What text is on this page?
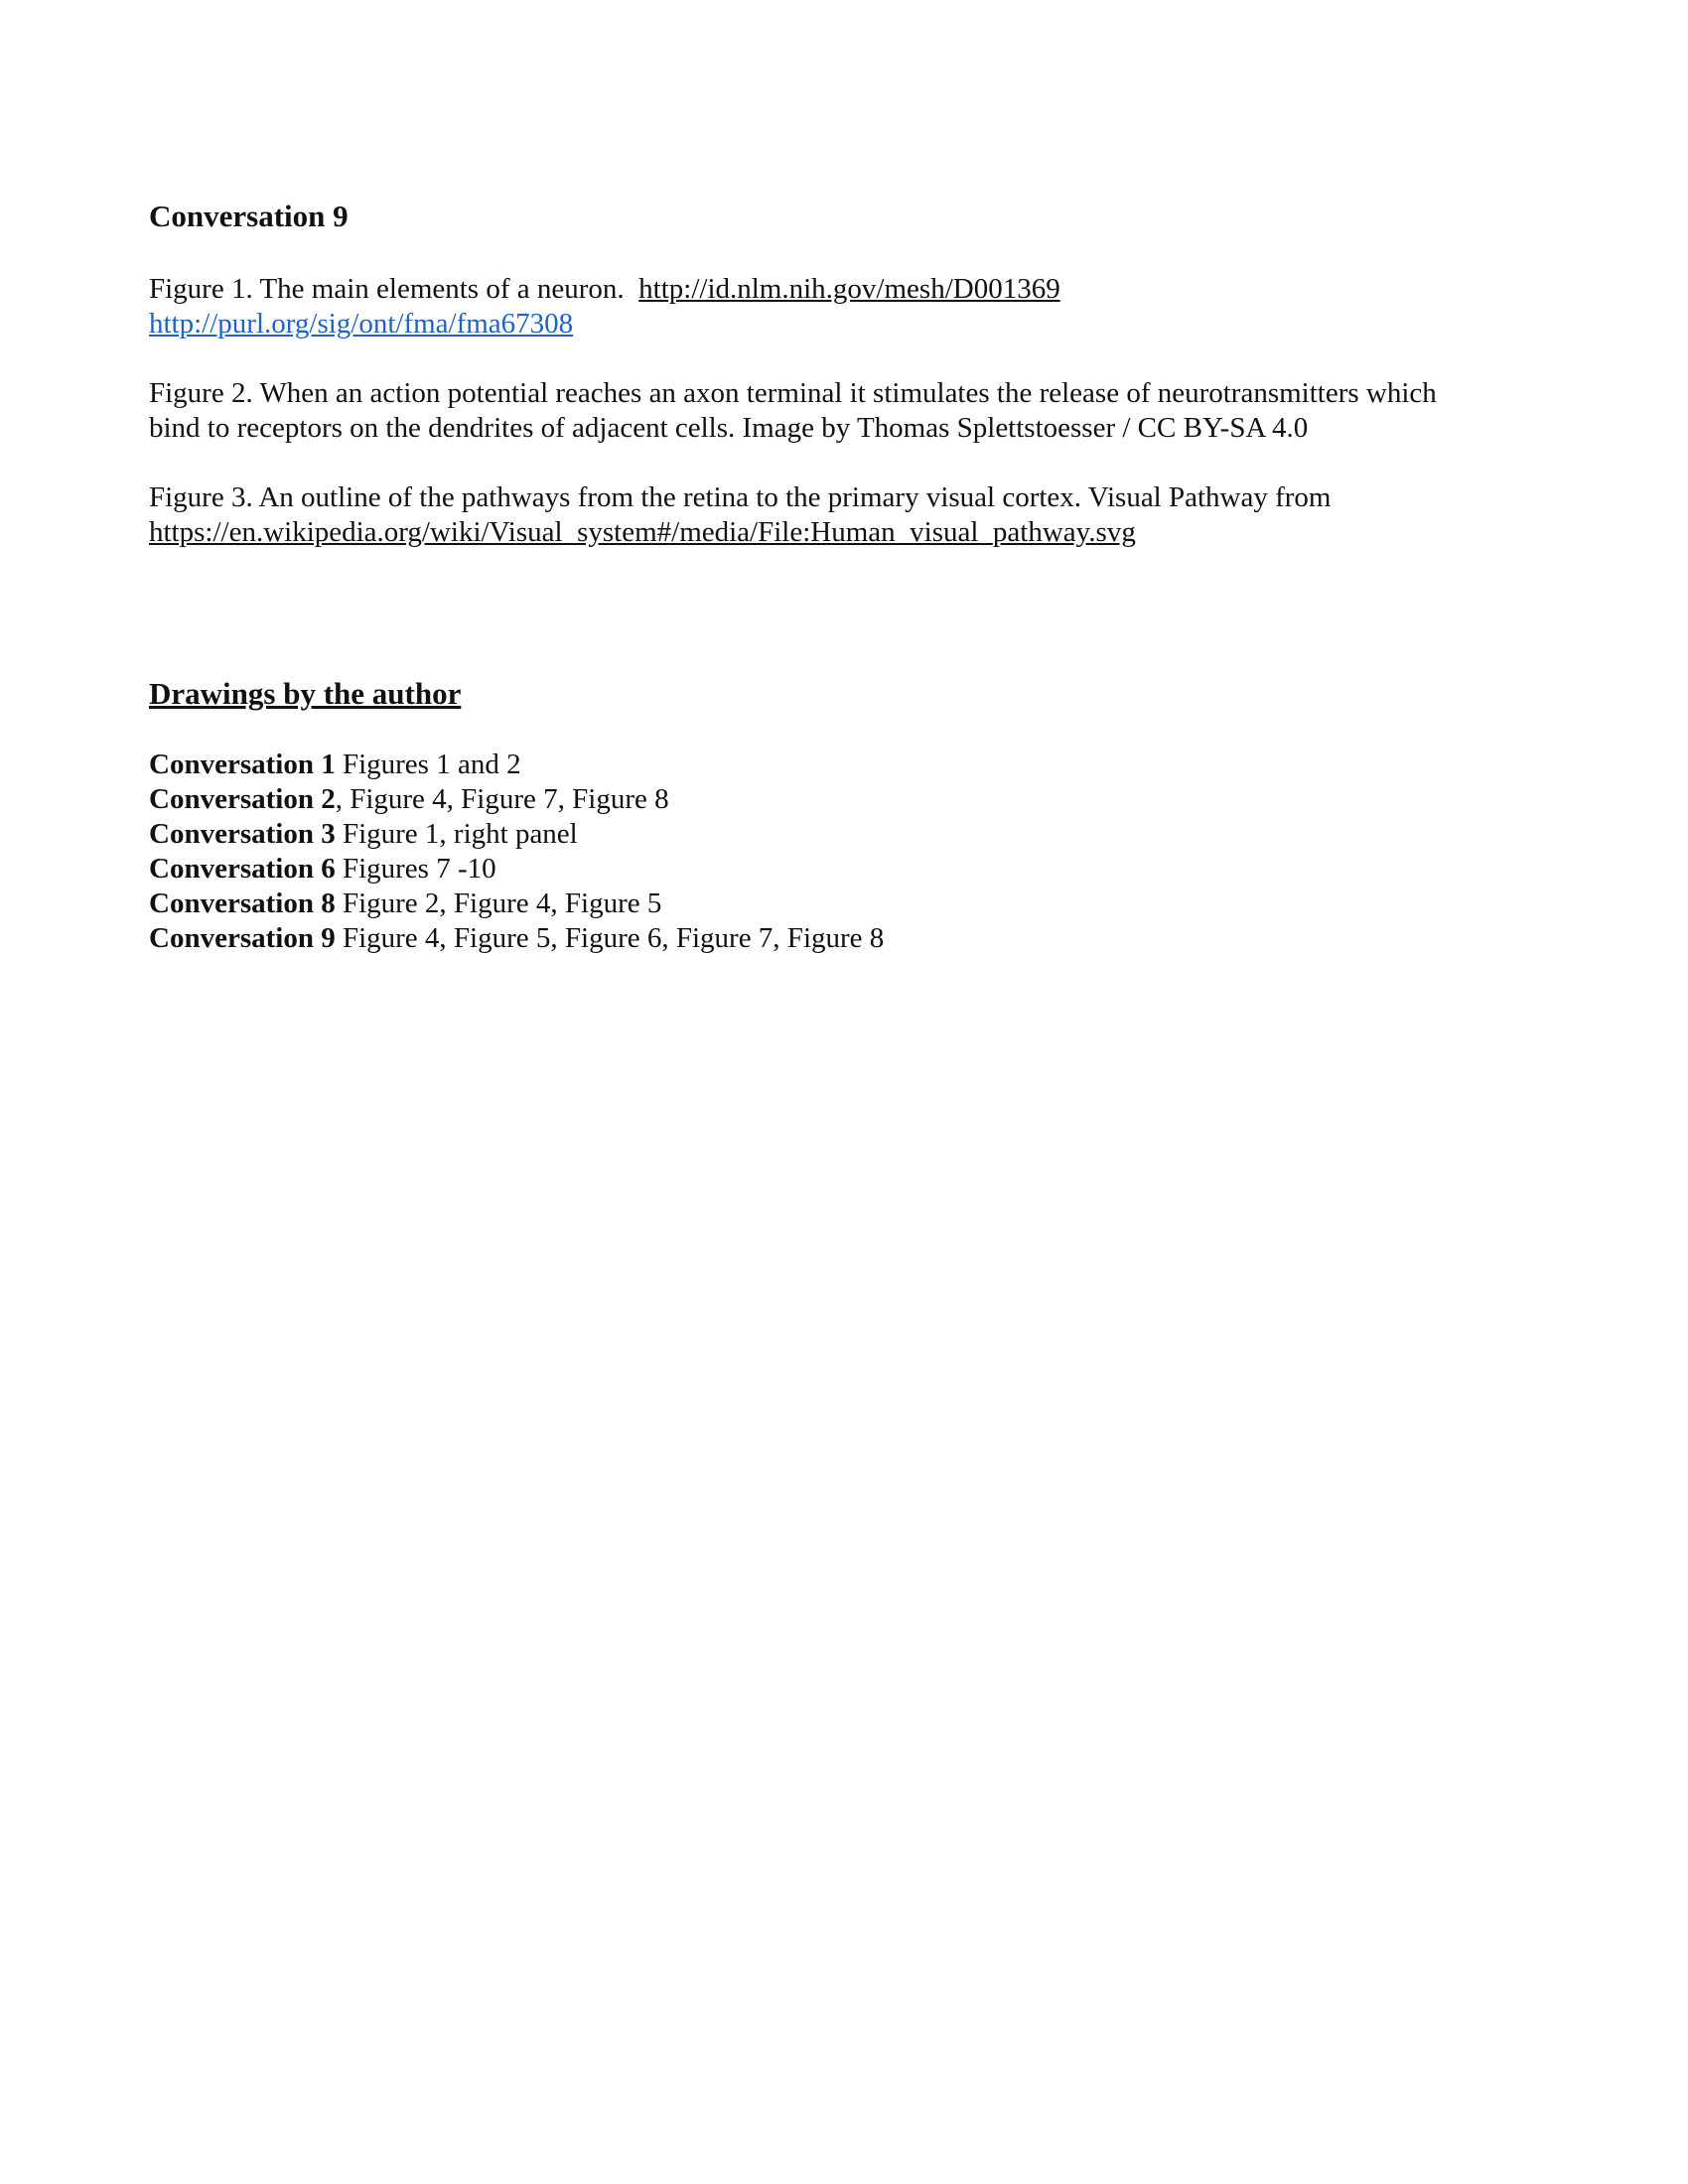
Conversation 9
Figure 1. The main elements of a neuron. http://id.nlm.nih.gov/mesh/D001369
http://purl.org/sig/ont/fma/fma67308
Figure 2. When an action potential reaches an axon terminal it stimulates the release of neurotransmitters which bind to receptors on the dendrites of adjacent cells. Image by Thomas Splettstoesser / CC BY-SA 4.0
Figure 3. An outline of the pathways from the retina to the primary visual cortex. Visual Pathway from
https://en.wikipedia.org/wiki/Visual_system#/media/File:Human_visual_pathway.svg
Drawings by the author
Conversation 1 Figures 1 and 2
Conversation 2, Figure 4, Figure 7, Figure 8
Conversation 3 Figure 1, right panel
Conversation 6 Figures 7 -10
Conversation 8 Figure 2, Figure 4, Figure 5
Conversation 9 Figure 4, Figure 5, Figure 6, Figure 7, Figure 8
